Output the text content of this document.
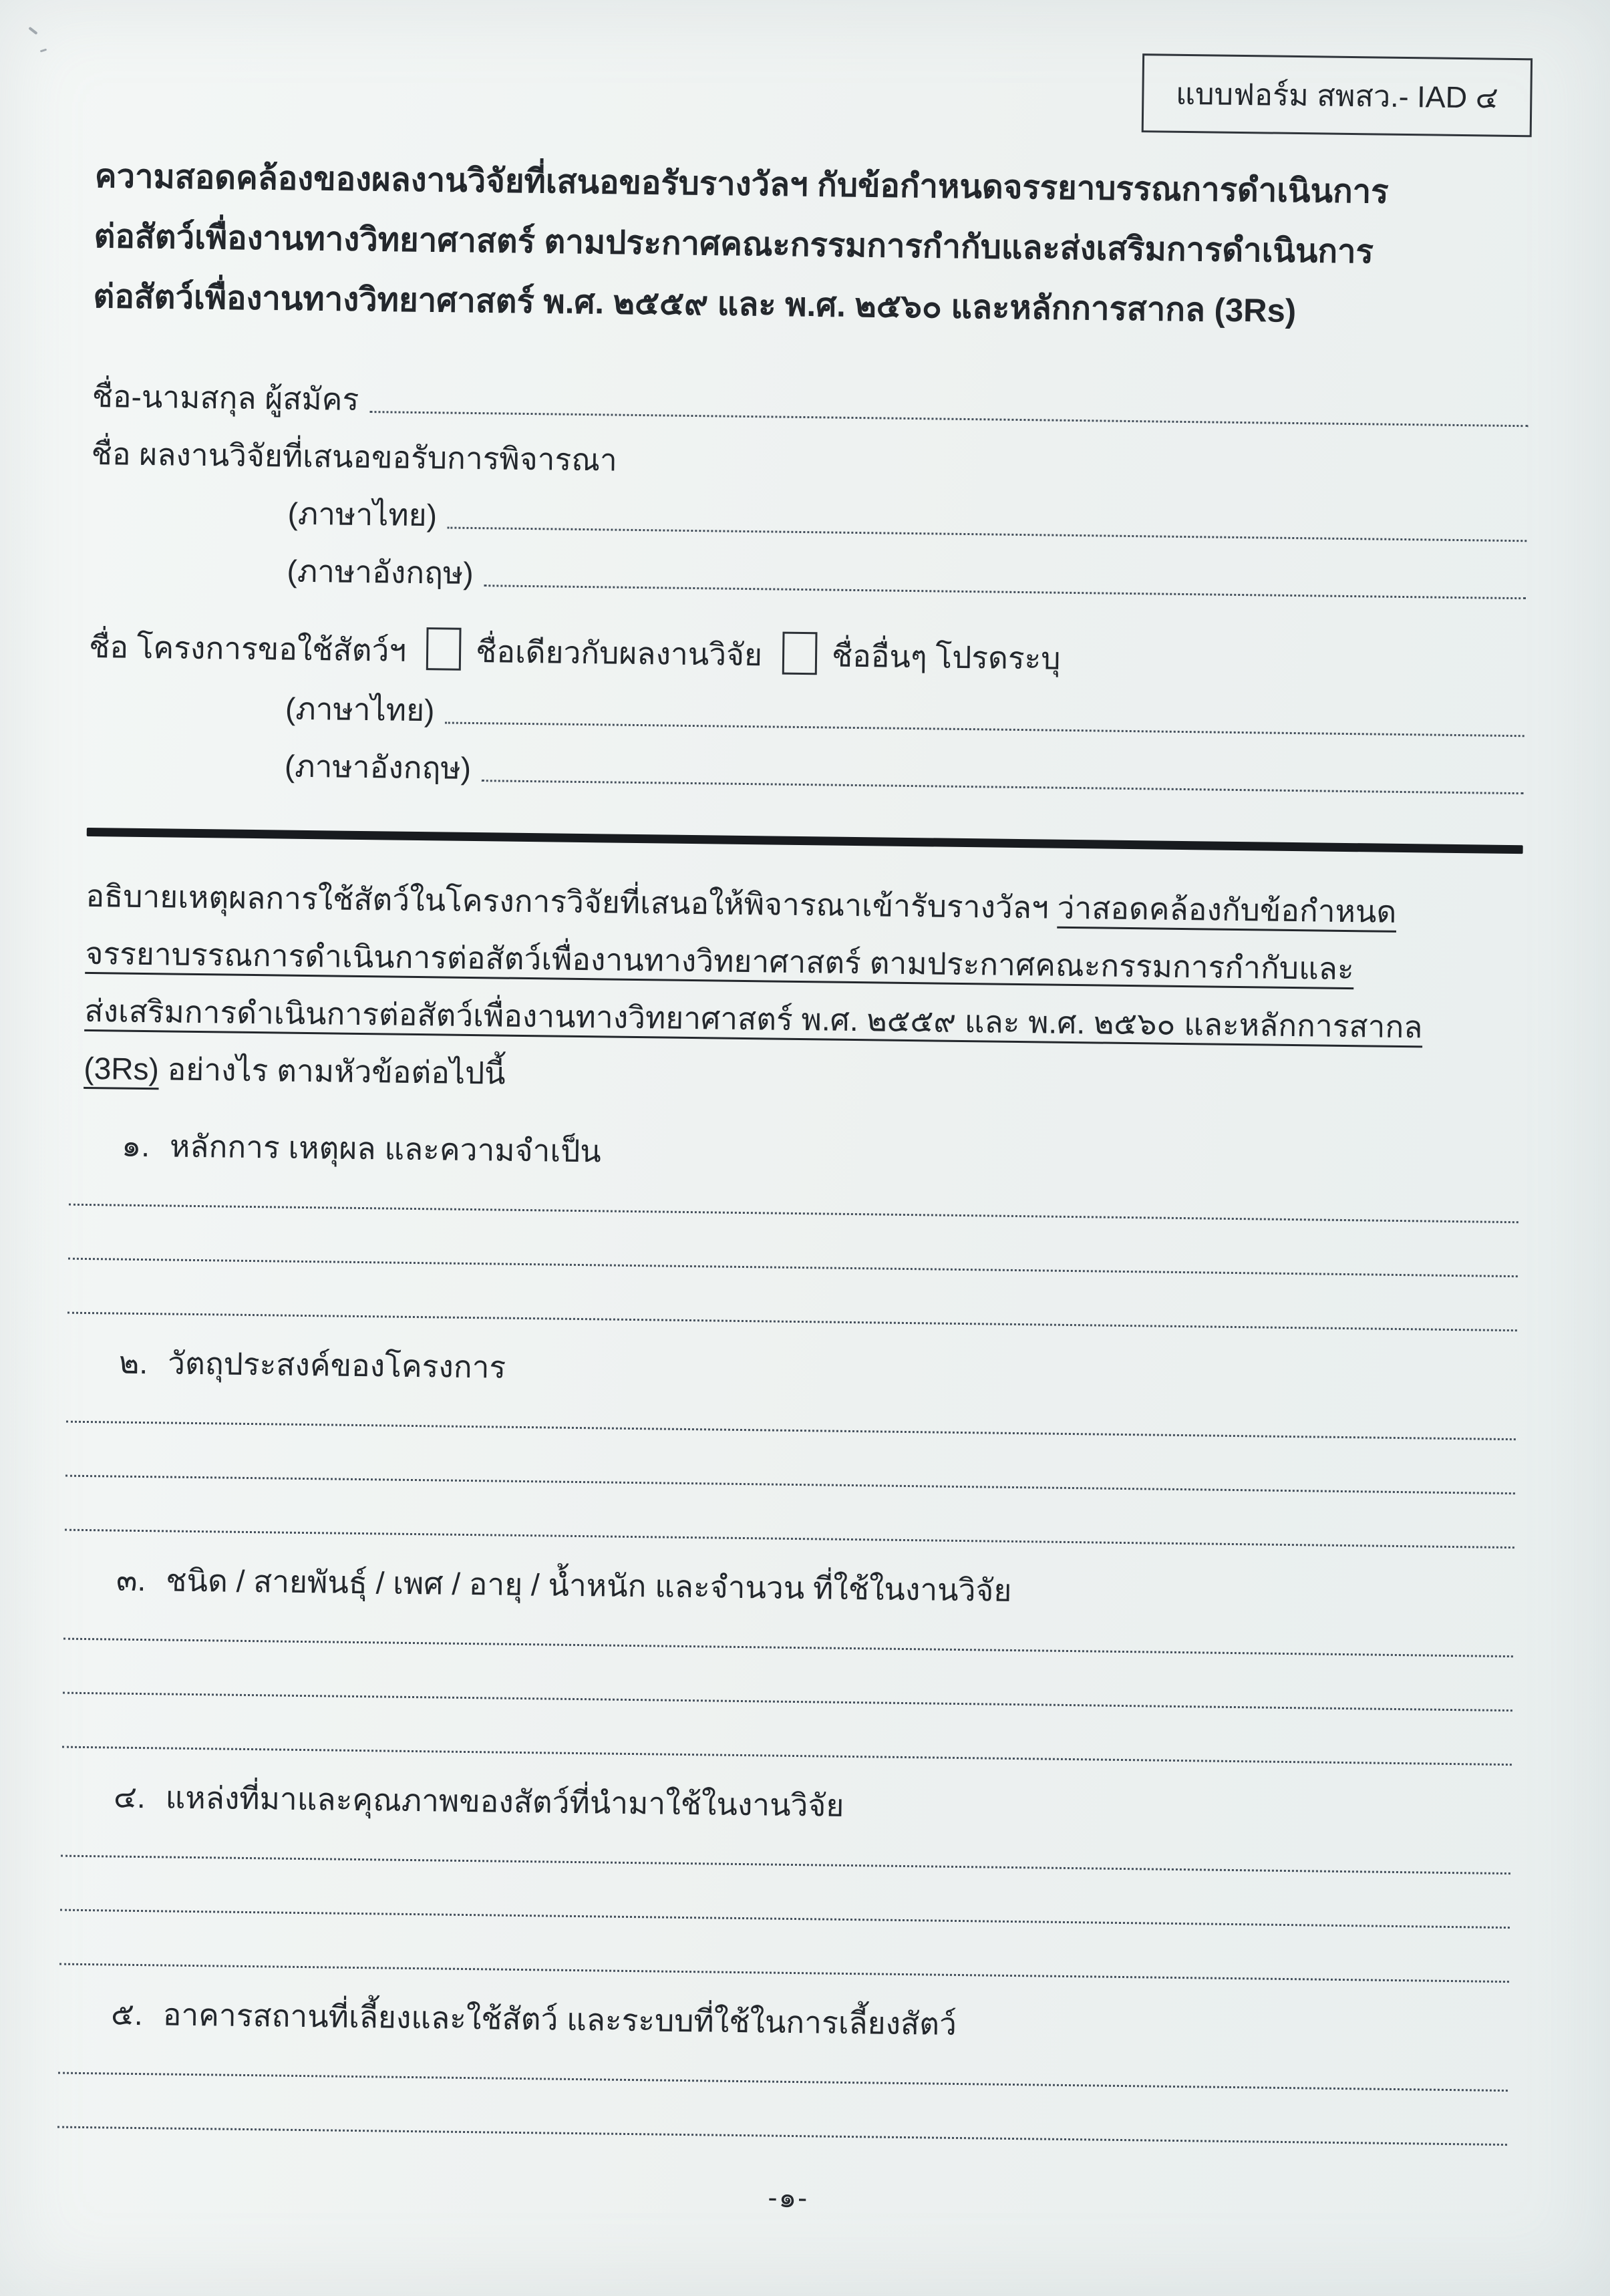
แบบฟอร์ม สพสว.- IAD ๔
ความสอดคล้องของผลงานวิจัยที่เสนอขอรับรางวัลฯ กับข้อกำหนดจรรยาบรรณการดำเนินการ
ต่อสัตว์เพื่องานทางวิทยาศาสตร์ ตามประกาศคณะกรรมการกำกับและส่งเสริมการดำเนินการ
ต่อสัตว์เพื่องานทางวิทยาศาสตร์ พ.ศ. ๒๕๕๙ และ พ.ศ. ๒๕๖๐ และหลักการสากล (3Rs)
ชื่อ-นามสกุล ผู้สมัคร
ชื่อ ผลงานวิจัยที่เสนอขอรับการพิจารณา
(ภาษาไทย)
(ภาษาอังกฤษ)
ชื่อ โครงการขอใช้สัตว์ฯ ชื่อเดียวกับผลงานวิจัย ชื่ออื่นๆ โปรดระบุ
(ภาษาไทย)
(ภาษาอังกฤษ)
อธิบายเหตุผลการใช้สัตว์ในโครงการวิจัยที่เสนอให้พิจารณาเข้ารับรางวัลฯ ว่าสอดคล้องกับข้อกำหนด
จรรยาบรรณการดำเนินการต่อสัตว์เพื่องานทางวิทยาศาสตร์ ตามประกาศคณะกรรมการกำกับและ
ส่งเสริมการดำเนินการต่อสัตว์เพื่องานทางวิทยาศาสตร์ พ.ศ. ๒๕๕๙ และ พ.ศ. ๒๕๖๐ และหลักการสากล
(3Rs) อย่างไร ตามหัวข้อต่อไปนี้
๑. หลักการ เหตุผล และความจำเป็น
๒. วัตถุประสงค์ของโครงการ
๓. ชนิด / สายพันธุ์ / เพศ / อายุ / น้ำหนัก และจำนวน ที่ใช้ในงานวิจัย
๔. แหล่งที่มาและคุณภาพของสัตว์ที่นำมาใช้ในงานวิจัย
๕. อาคารสถานที่เลี้ยงและใช้สัตว์ และระบบที่ใช้ในการเลี้ยงสัตว์
-๑-
